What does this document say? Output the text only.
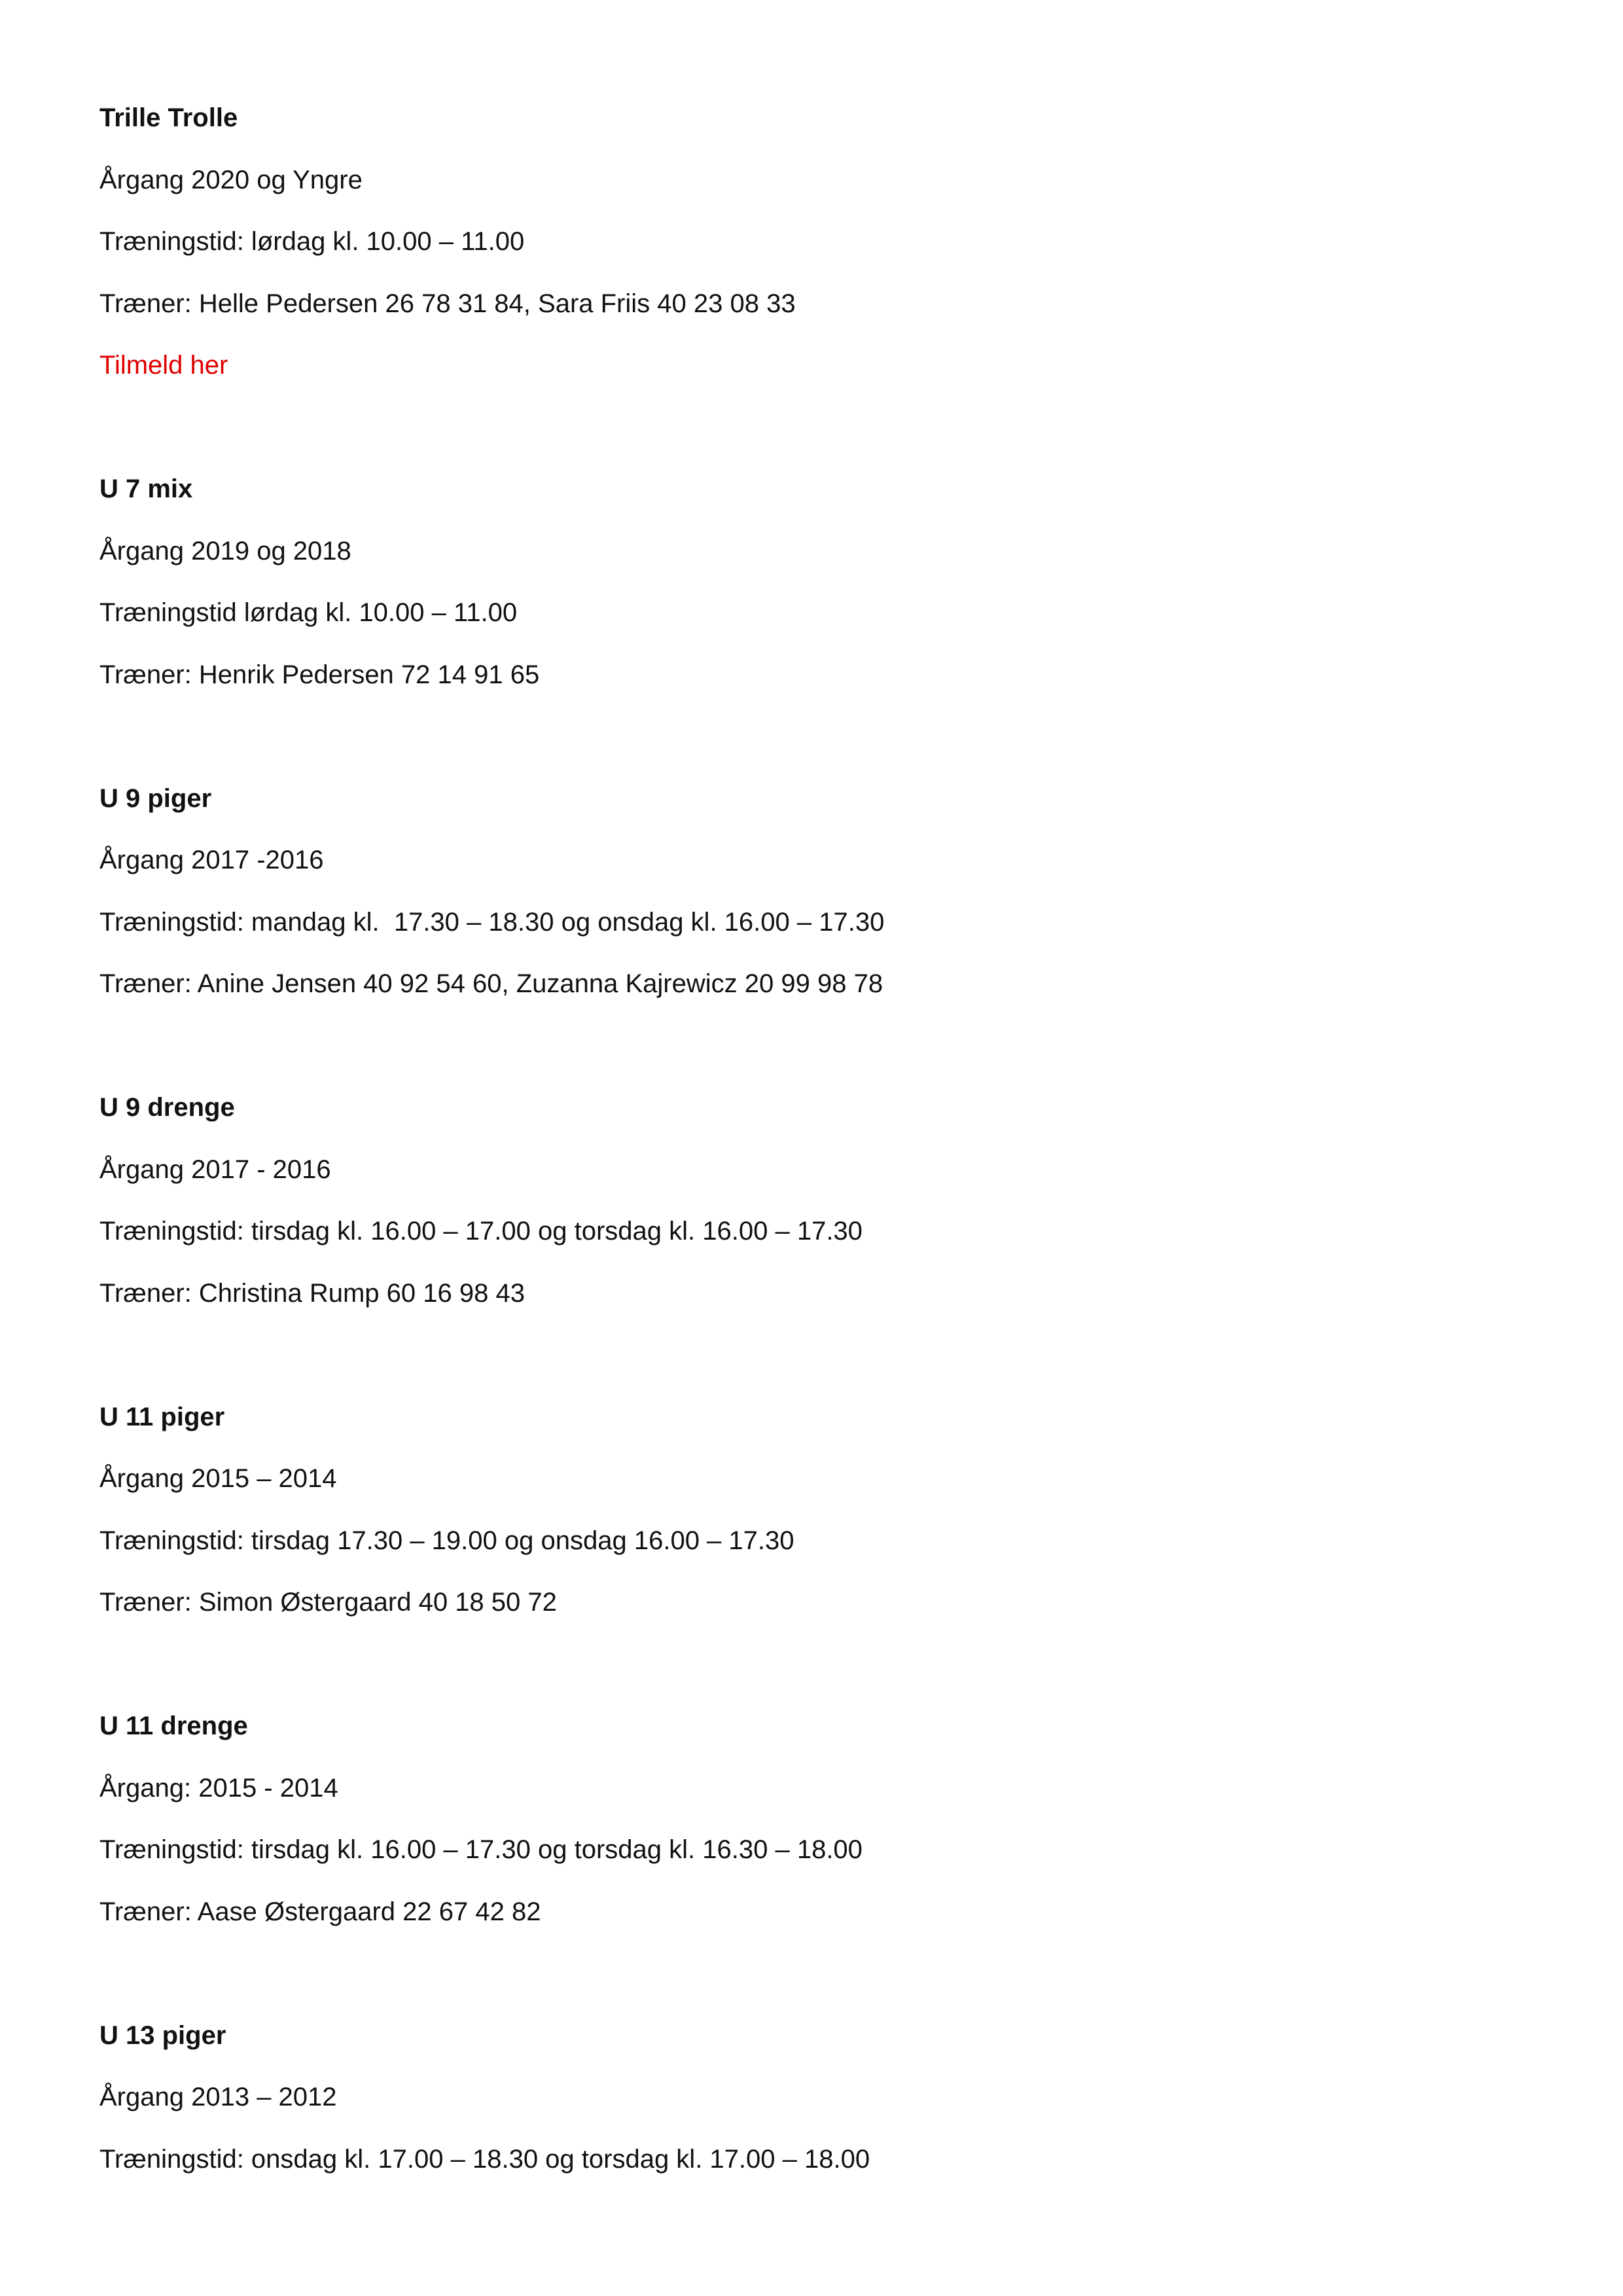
Trille Trolle
Årgang 2020 og Yngre
Træningstid: lørdag kl. 10.00 – 11.00
Træner: Helle Pedersen 26 78 31 84, Sara Friis 40 23 08 33
Tilmeld her
U 7 mix
Årgang 2019 og 2018
Træningstid lørdag kl. 10.00 – 11.00
Træner: Henrik Pedersen 72 14 91 65
U 9 piger
Årgang 2017 -2016
Træningstid: mandag kl.  17.30 – 18.30 og onsdag kl. 16.00 – 17.30
Træner: Anine Jensen 40 92 54 60, Zuzanna Kajrewicz 20 99 98 78
U 9 drenge
Årgang 2017 - 2016
Træningstid: tirsdag kl. 16.00 – 17.00 og torsdag kl. 16.00 – 17.30
Træner: Christina Rump 60 16 98 43
U 11 piger
Årgang 2015 – 2014
Træningstid: tirsdag 17.30 – 19.00 og onsdag 16.00 – 17.30
Træner: Simon Østergaard 40 18 50 72
U 11 drenge
Årgang: 2015 - 2014
Træningstid: tirsdag kl. 16.00 – 17.30 og torsdag kl. 16.30 – 18.00
Træner: Aase Østergaard 22 67 42 82
U 13 piger
Årgang 2013 – 2012
Træningstid: onsdag kl. 17.00 – 18.30 og torsdag kl. 17.00 – 18.00
